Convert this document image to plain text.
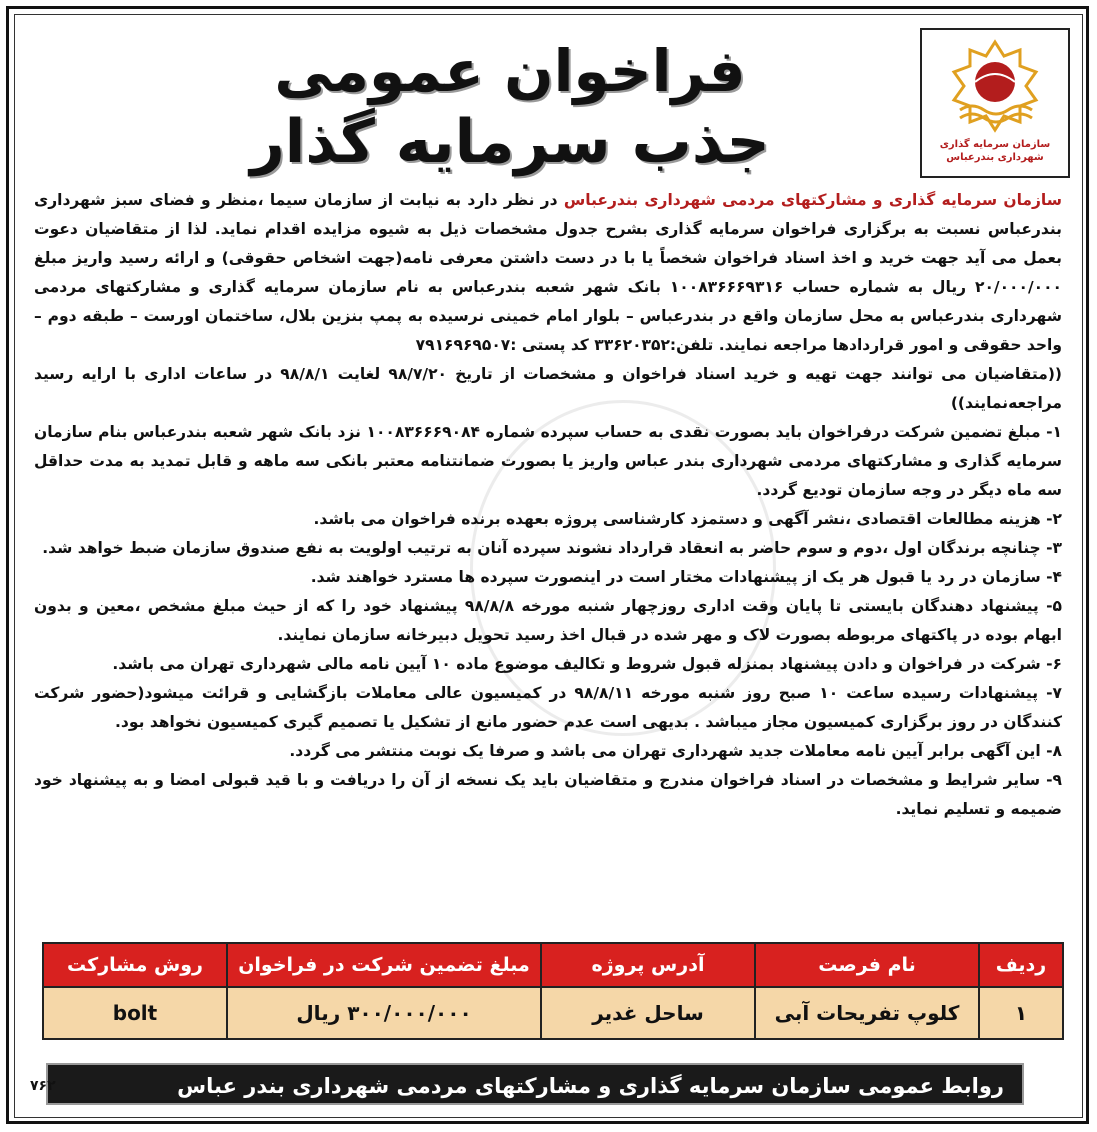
سازمان سرمایه گذاری
شهرداری بندرعباس
فراخوان عمومی
جذب سرمایه گذار

سازمان سرمایه گذاری و مشارکتهای مردمی شهرداری بندرعباس در نظر دارد به نیابت از سازمان سیما ،منظر و فضای سبز شهرداری بندرعباس نسبت به برگزاری فراخوان سرمایه گذاری بشرح جدول مشخصات ذیل به شیوه مزایده اقدام نماید. لذا از متقاضیان دعوت بعمل می آید جهت خرید و اخذ اسناد فراخوان شخصاً یا با در دست داشتن معرفی نامه(جهت اشخاص حقوقی) و ارائه رسید واریز مبلغ ۲۰/۰۰۰/۰۰۰ ریال به شماره حساب ۱۰۰۸۳۶۶۶۹۳۱۶ بانک شهر شعبه بندرعباس به نام سازمان سرمایه گذاری و مشارکتهای مردمی شهرداری بندرعباس به محل سازمان واقع در بندرعباس – بلوار امام خمینی نرسیده به پمپ بنزین بلال، ساختمان اورست – طبقه دوم – واحد حقوقی و امور قراردادها مراجعه نمایند. تلفن:۳۳۶۲۰۳۵۲ کد پستی :۷۹۱۶۹۶۹۵۰۷

((متقاضیان می توانند جهت تهیه و خرید اسناد فراخوان و مشخصات از تاریخ ۹۸/۷/۲۰ لغایت ۹۸/۸/۱ در ساعات اداری با ارایه رسید مراجعه‌نمایند))

۱- مبلغ تضمین شرکت درفراخوان باید بصورت نقدی به حساب سپرده شماره ۱۰۰۸۳۶۶۶۹۰۸۴ نزد بانک شهر شعبه بندرعباس بنام سازمان سرمایه گذاری و مشارکتهای مردمی شهرداری بندر عباس واریز یا بصورت ضمانتنامه معتبر بانکی سه ماهه و قابل تمدید به مدت حداقل سه ماه دیگر در وجه سازمان توديع گردد.

۲- هزینه مطالعات اقتصادی ،نشر آگهی و دستمزد کارشناسی پروژه بعهده برنده فراخوان می باشد.

۳- چنانچه برندگان اول ،دوم و سوم حاضر به انعقاد قرارداد نشوند سپرده آنان به ترتیب اولویت به نفع صندوق سازمان ضبط خواهد شد.

۴- سازمان در رد یا قبول هر یک از پیشنهادات مختار است در اینصورت سپرده ها مسترد خواهند شد.

۵- پیشنهاد دهندگان بایستی تا پایان وقت اداری روزچهار شنبه مورخه ۹۸/۸/۸ پیشنهاد خود را که از حیث مبلغ مشخص ،معین و بدون ابهام بوده در پاکتهای مربوطه بصورت لاک و مهر شده در قبال اخذ رسید تحویل دبیرخانه سازمان نمایند.

۶- شرکت در فراخوان و دادن پیشنهاد بمنزله قبول شروط و تکالیف موضوع ماده ۱۰ آیین نامه مالی شهرداری تهران می باشد.

۷- پیشنهادات رسیده ساعت ۱۰ صبح روز شنبه مورخه ۹۸/۸/۱۱ در کمیسیون عالی معاملات بازگشایی و قرائت میشود(حضور شرکت کنندگان در روز برگزاری کمیسیون مجاز میباشد . بدیهی است عدم حضور مانع از تشکیل یا تصمیم گیری کمیسیون نخواهد بود.

۸- این آگهی برابر آیین نامه معاملات جدید شهرداری تهران می باشد و صرفا یک نوبت منتشر می گردد.

۹- سایر شرایط و مشخصات در اسناد فراخوان مندرج و متقاضیان باید یک نسخه از آن را دریافت و با قید قبولی امضا و به پیشنهاد خود ضمیمه و تسلیم نماید.

ردیف	نام فرصت	آدرس پروژه	مبلغ تضمین شرکت در فراخوان	روش مشارکت
۱	کلوپ تفریحات آبی	ساحل غدیر	۳۰۰/۰۰۰/۰۰۰ ریال	bolt
روابط عمومی سازمان سرمایه گذاری و مشارکتهای مردمی شهرداری بندر عباس
۷۶۲
